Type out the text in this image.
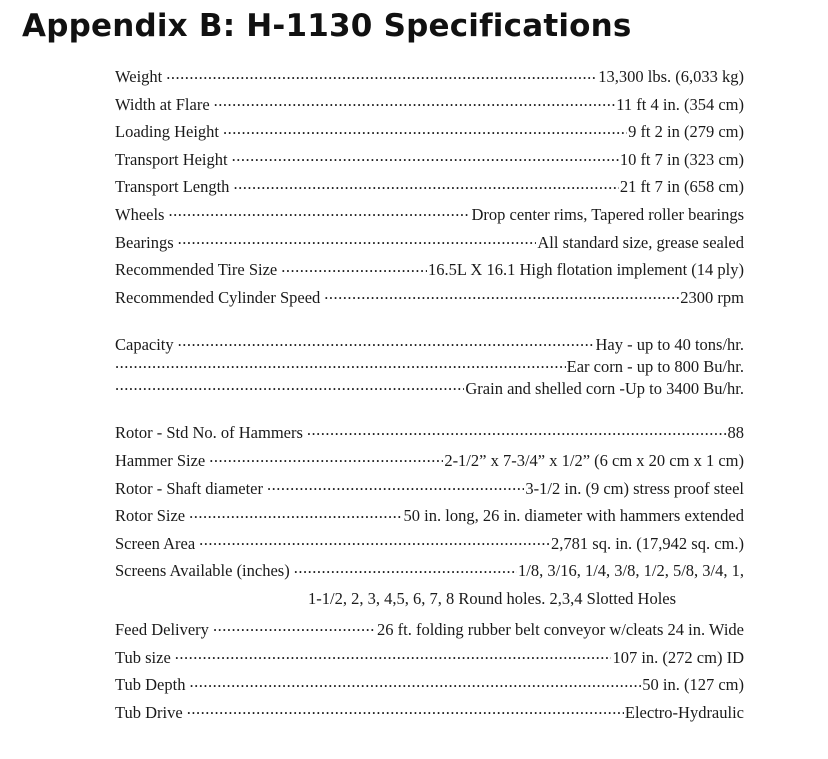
Appendix B: H-1130 Specifications
Weight .....	13,300 lbs. (6,033 kg)
Width at Flare .....	11 ft 4 in. (354 cm)
Loading Height .....	9 ft 2 in (279 cm)
Transport Height .....	10 ft 7 in (323 cm)
Transport Length .....	21 ft 7 in (658 cm)
Wheels .....	Drop center rims, Tapered roller bearings
Bearings .....	All standard size, grease sealed
Recommended Tire Size .....	16.5L X 16.1 High flotation implement (14 ply)
Recommended Cylinder Speed .....	2300 rpm
Capacity .....	Hay - up to 40 tons/hr.
.....
Ear corn - up to 800 Bu/hr.
.....
Grain and shelled corn -Up to 3400 Bu/hr.
Rotor - Std No. of Hammers .....	88
Hammer Size .....	2-1/2” x 7-3/4” x 1/2” (6 cm x 20 cm x 1 cm)
Rotor - Shaft diameter .....	3-1/2 in. (9 cm) stress proof steel
Rotor Size .....	50 in. long, 26 in. diameter with hammers extended
Screen Area .....	2,781 sq. in. (17,942 sq. cm.)
Screens Available (inches) .....	1/8, 3/16, 1/4, 3/8, 1/2, 5/8, 3/4, 1,
1-1/2, 2, 3, 4,5, 6, 7, 8 Round holes. 2,3,4 Slotted Holes
Feed Delivery .....	26 ft. folding rubber belt conveyor w/cleats 24 in. Wide
Tub size .....	107 in. (272 cm) ID
Tub Depth .....	50 in. (127 cm)
Tub Drive .....	Electro-Hydraulic
